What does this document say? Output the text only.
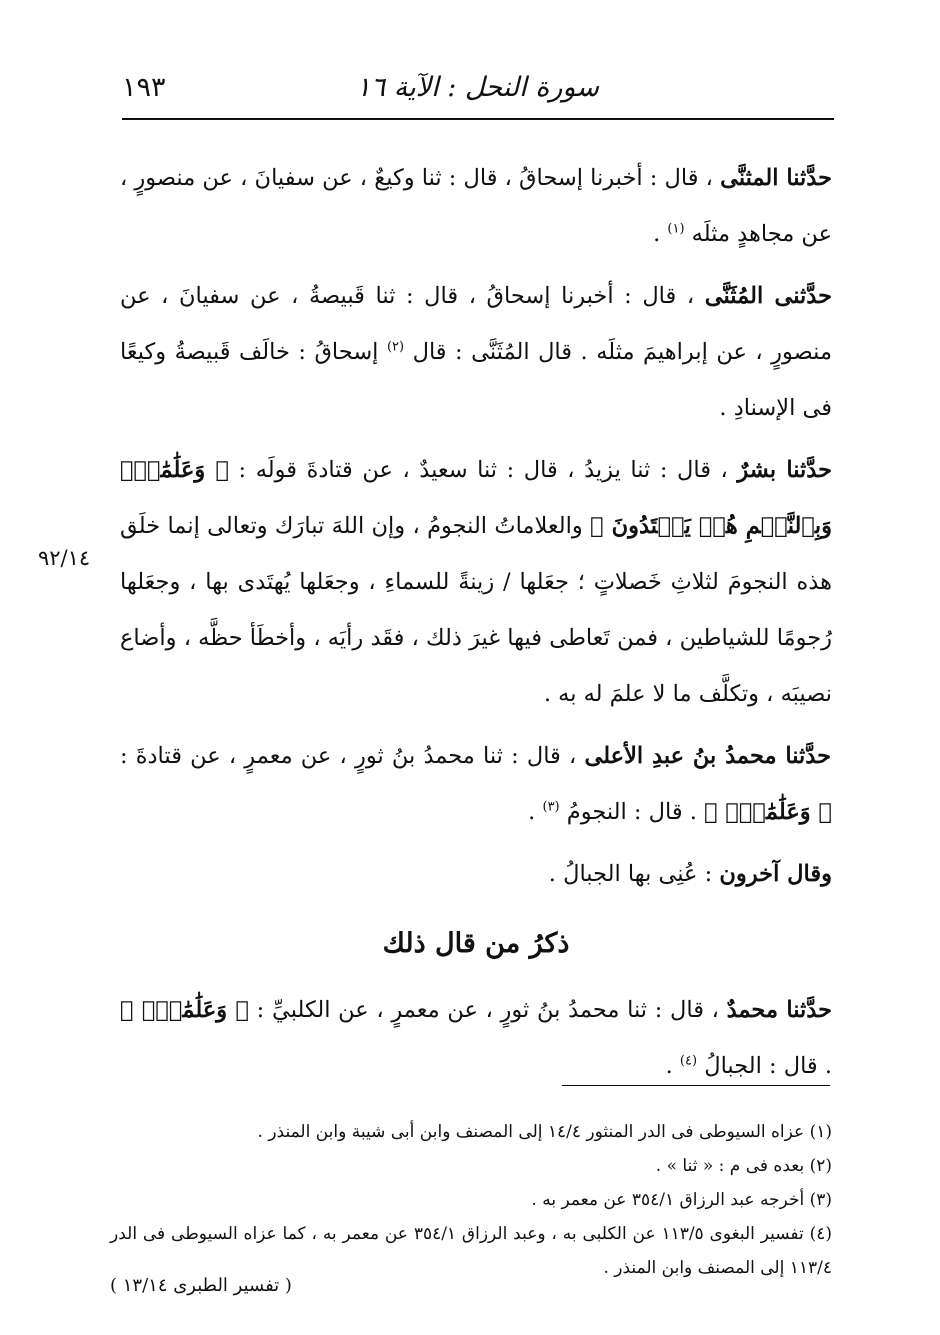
سورة النحل : الآية ١٦
١٩٣
٩٢/١٤

حدَّثنا المثنَّى ، قال : أخبرنا إسحاقُ ، قال : ثنا وكيعٌ ، عن سفيانَ ، عن منصورٍ ، عن مجاهدٍ مثلَه $^{(١)}$ .

حدَّثنى المُثَنَّى ، قال : أخبرنا إسحاقُ ، قال : ثنا قَبيصةُ ، عن سفيانَ ، عن منصورٍ ، عن إبراهيمَ مثلَه . قال المُثَنَّى : قال $^{(٢)}$ إسحاقُ : خالَف قَبيصةُ وكيعًا فى الإسنادِ .

حدَّثنا بشرٌ ، قال : ثنا يزيدُ ، قال : ثنا سعيدٌ ، عن قتادةَ قولَه : ﴿ وَعَلَٰمَٰتٍۚ وَبِٱلنَّجۡمِ هُمۡ يَهۡتَدُونَ ﴾ والعلاماتُ النجومُ ، وإن اللهَ تبارَك وتعالى إنما خلَق هذه النجومَ لثلاثِ خَصلاتٍ ؛ جعَلها / زينةً للسماءِ ، وجعَلها يُهتَدى بها ، وجعَلها رُجومًا للشياطين ، فمن تَعاطى فيها غيرَ ذلك ، فقَد رأيَه ، وأخطَأ حظَّه ، وأضاع نصيبَه ، وتكلَّف ما لا علمَ له به .

حدَّثنا محمدُ بنُ عبدِ الأعلى ، قال : ثنا محمدُ بنُ ثورٍ ، عن معمرٍ ، عن قتادةَ : ﴿ وَعَلَٰمَٰتٍۚ ﴾ . قال : النجومُ $^{(٣)}$ .

وقال آخرون : عُنِى بها الجبالُ .

ذكرُ من قال ذلك

حدَّثنا محمدٌ ، قال : ثنا محمدُ بنُ ثورٍ ، عن معمرٍ ، عن الكلبيِّ : ﴿ وَعَلَٰمَٰتٍۚ ﴾ . قال : الجبالُ $^{(٤)}$ .

(١) عزاه السيوطى فى الدر المنثور ١٤/٤ إلى المصنف وابن أبى شيبة وابن المنذر .

(٢) بعده فى م : « ثنا » .

(٣) أخرجه عبد الرزاق ٣٥٤/١ عن معمر به .

(٤) تفسير البغوى ١١٣/٥ عن الكلبى به ، وعبد الرزاق ٣٥٤/١ عن معمر به ، كما عزاه السيوطى فى الدر ١١٣/٤ إلى المصنف وابن المنذر .

( تفسير الطبرى ١٣/١٤ )
